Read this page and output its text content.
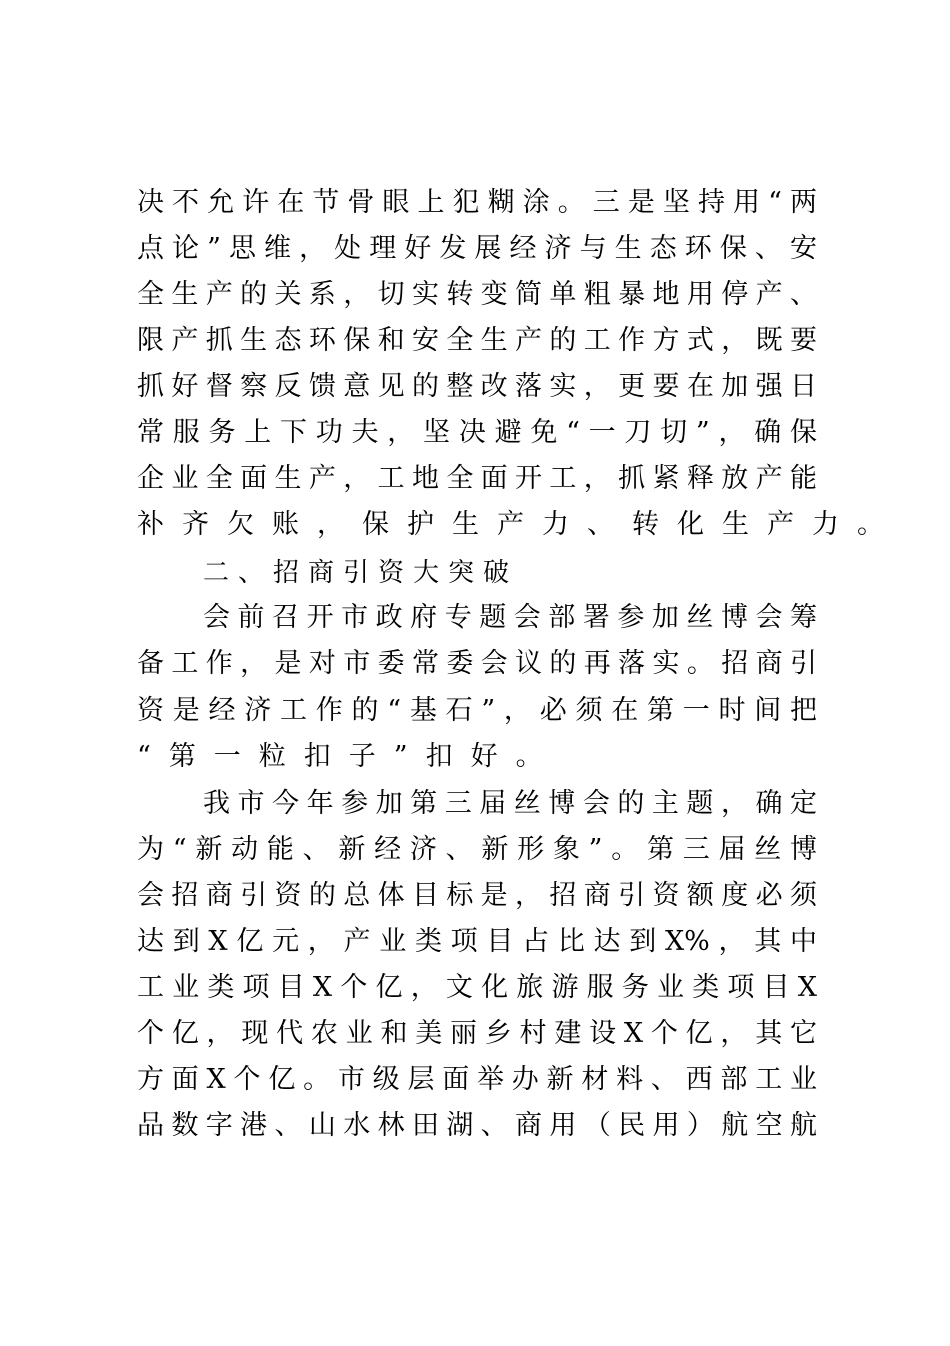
决不允许在节骨眼上犯糊涂。三是坚持用“两
点论”思维，处理好发展经济与生态环保、安
全生产的关系，切实转变简单粗暴地用停产、
限产抓生态环保和安全生产的工作方式，既要
抓好督察反馈意见的整改落实，更要在加强日
常服务上下功夫，坚决避免“一刀切”，确保
企业全面生产，工地全面开工，抓紧释放产能
补齐欠账，保护生产力、转化生产力。
二、招商引资大突破
会前召开市政府专题会部署参加丝博会筹
备工作，是对市委常委会议的再落实。招商引
资是经济工作的“基石”，必须在第一时间把
“第一粒扣子”扣好。
我市今年参加第三届丝博会的主题，确定
为“新动能、新经济、新形象”。第三届丝博
会招商引资的总体目标是，招商引资额度必须
达到X亿元，产业类项目占比达到X%，其中
工业类项目X个亿，文化旅游服务业类项目X
个亿，现代农业和美丽乡村建设X个亿，其它
方面X个亿。市级层面举办新材料、西部工业
品数字港、山水林田湖、商用（民用）航空航
